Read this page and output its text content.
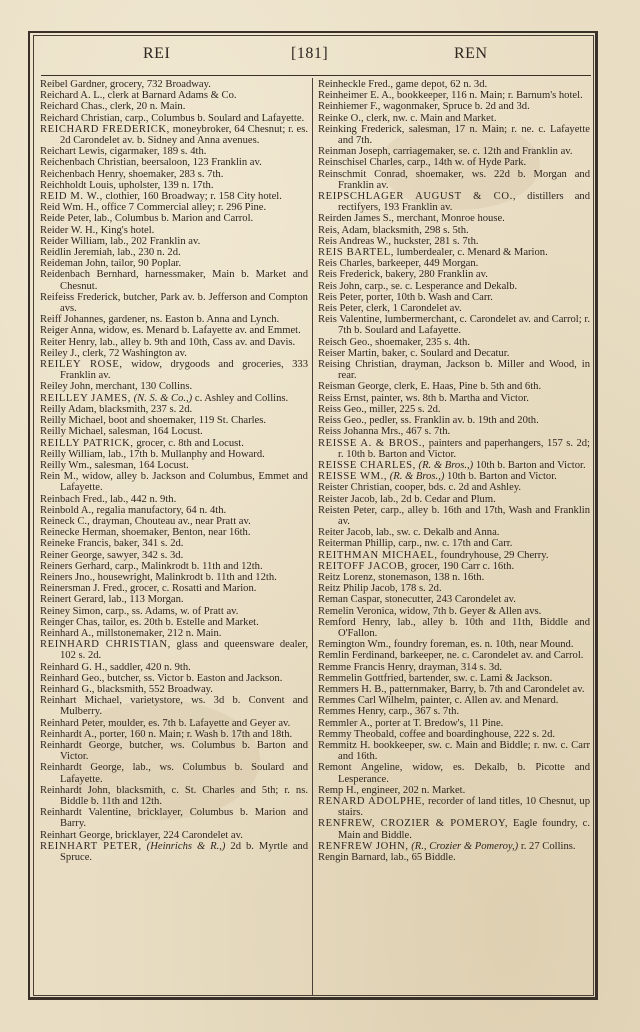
REI	[181]	REN

Reibel Gardner, grocery, 732 Broadway.

Reichard A. L., clerk at Barnard Adams & Co.

Reichard Chas., clerk, 20 n. Main.

Reichard Christian, carp., Columbus b. Soulard and Lafayette.

REICHARD FREDERICK, moneybroker, 64 Chesnut; r. es. 2d Carondelet av. b. Sidney and Anna avenues.

Reichart Lewis, cigarmaker, 189 s. 4th.

Reichenbach Christian, beersaloon, 123 Franklin av.

Reichenbach Henry, shoemaker, 283 s. 7th.

Reichholdt Louis, upholster, 139 n. 17th.

REID M. W., clothier, 160 Broadway; r. 158 City hotel.

Reid Wm. H., office 7 Commercial alley; r. 296 Pine.

Reide Peter, lab., Columbus b. Marion and Carrol.

Reider W. H., King's hotel.

Reider William, lab., 202 Franklin av.

Reidlin Jeremiah, lab., 230 n. 2d.

Reideman John, tailor, 90 Poplar.

Reidenbach Bernhard, harnessmaker, Main b. Market and Chesnut.

Reifeiss Frederick, butcher, Park av. b. Jefferson and Compton avs.

Reiff Johannes, gardener, ns. Easton b. Anna and Lynch.

Reiger Anna, widow, es. Menard b. Lafayette av. and Emmet.

Reiter Henry, lab., alley b. 9th and 10th, Cass av. and Davis.

Reiley J., clerk, 72 Washington av.

REILEY ROSE, widow, drygoods and groceries, 333 Franklin av.

Reiley John, merchant, 130 Collins.

REILLEY JAMES, (N. S. & Co.,) c. Ashley and Collins.

Reilly Adam, blacksmith, 237 s. 2d.

Reilly Michael, boot and shoemaker, 119 St. Charles.

Reilly Michael, salesman, 164 Locust.

REILLY PATRICK, grocer, c. 8th and Locust.

Reilly William, lab., 17th b. Mullanphy and Howard.

Reilly Wm., salesman, 164 Locust.

Rein M., widow, alley b. Jackson and Columbus, Emmet and Lafayette.

Reinbach Fred., lab., 442 n. 9th.

Reinbold A., regalia manufactory, 64 n. 4th.

Reineck C., drayman, Chouteau av., near Pratt av.

Reinecke Herman, shoemaker, Benton, near 16th.

Reineke Francis, baker, 341 s. 2d.

Reiner George, sawyer, 342 s. 3d.

Reiners Gerhard, carp., Malinkrodt b. 11th and 12th.

Reiners Jno., housewright, Malinkrodt b. 11th and 12th.

Reinersman J. Fred., grocer, c. Rosatti and Marion.

Reinert Gerard, lab., 113 Morgan.

Reiney Simon, carp., ss. Adams, w. of Pratt av.

Reinger Chas, tailor, es. 20th b. Estelle and Market.

Reinhard A., millstonemaker, 212 n. Main.

REINHARD CHRISTIAN, glass and queensware dealer, 102 s. 2d.

Reinhard G. H., saddler, 420 n. 9th.

Reinhard Geo., butcher, ss. Victor b. Easton and Jackson.

Reinhard G., blacksmith, 552 Broadway.

Reinhart Michael, varietystore, ws. 3d b. Convent and Mulberry.

Reinhard Peter, moulder, es. 7th b. Lafayette and Geyer av.

Reinhardt A., porter, 160 n. Main; r. Wash b. 17th and 18th.

Reinhardt George, butcher, ws. Columbus b. Barton and Victor.

Reinhardt George, lab., ws. Columbus b. Soulard and Lafayette.

Reinhardt John, blacksmith, c. St. Charles and 5th; r. ns. Biddle b. 11th and 12th.

Reinhardt Valentine, bricklayer, Columbus b. Marion and Barry.

Reinhart George, bricklayer, 224 Carondelet av.

REINHART PETER, (Heinrichs & R.,) 2d b. Myrtle and Spruce.

Reinheckle Fred., game depot, 62 n. 3d.

Reinheimer E. A., bookkeeper, 116 n. Main; r. Barnum's hotel.

Reinhiemer F., wagonmaker, Spruce b. 2d and 3d.

Reinke O., clerk, nw. c. Main and Market.

Reinking Frederick, salesman, 17 n. Main; r. ne. c. Lafayette and 7th.

Reinman Joseph, carriagemaker, se. c. 12th and Franklin av.

Reinschisel Charles, carp., 14th w. of Hyde Park.

Reinschmit Conrad, shoemaker, ws. 22d b. Morgan and Franklin av.

REIPSCHLAGER AUGUST & CO., distillers and rectifyers, 193 Franklin av.

Reirden James S., merchant, Monroe house.

Reis, Adam, blacksmith, 298 s. 5th.

Reis Andreas W., huckster, 281 s. 7th.

REIS BARTEL, lumberdealer, c. Menard & Marion.

Reis Charles, barkeeper, 449 Morgan.

Reis Frederick, bakery, 280 Franklin av.

Reis John, carp., se. c. Lesperance and Dekalb.

Reis Peter, porter, 10th b. Wash and Carr.

Reis Peter, clerk, 1 Carondelet av.

Reis Valentine, lumbermerchant, c. Carondelet av. and Carrol; r. 7th b. Soulard and Lafayette.

Reisch Geo., shoemaker, 235 s. 4th.

Reiser Martin, baker, c. Soulard and Decatur.

Reising Christian, drayman, Jackson b. Miller and Wood, in rear.

Reisman George, clerk, E. Haas, Pine b. 5th and 6th.

Reiss Ernst, painter, ws. 8th b. Martha and Victor.

Reiss Geo., miller, 225 s. 2d.

Reiss Geo., pedler, ss. Franklin av. b. 19th and 20th.

Reiss Johanna Mrs., 467 s. 7th.

REISSE A. & BROS., painters and paperhangers, 157 s. 2d; r. 10th b. Barton and Victor.

REISSE CHARLES, (R. & Bros.,) 10th b. Barton and Victor.

REISSE WM., (R. & Bros.,) 10th b. Barton and Victor.

Reister Christian, cooper, bds. c. 2d and Ashley.

Reister Jacob, lab., 2d b. Cedar and Plum.

Reisten Peter, carp., alley b. 16th and 17th, Wash and Franklin av.

Reiter Jacob, lab., sw. c. Dekalb and Anna.

Reiterman Phillip, carp., nw. c. 17th and Carr.

REITHMAN MICHAEL, foundryhouse, 29 Cherry.

REITOFF JACOB, grocer, 190 Carr c. 16th.

Reitz Lorenz, stonemason, 138 n. 16th.

Reitz Philip Jacob, 178 s. 2d.

Reman Caspar, stonecutter, 243 Carondelet av.

Remelin Veronica, widow, 7th b. Geyer & Allen avs.

Remford Henry, lab., alley b. 10th and 11th, Biddle and O'Fallon.

Remington Wm., foundry foreman, es. n. 10th, near Mound.

Remlin Ferdinand, barkeeper, ne. c. Carondelet av. and Carrol.

Remme Francis Henry, drayman, 314 s. 3d.

Remmelin Gottfried, bartender, sw. c. Lami & Jackson.

Remmers H. B., patternmaker, Barry, b. 7th and Carondelet av.

Remmes Carl Wilhelm, painter, c. Allen av. and Menard.

Remmes Henry, carp., 367 s. 7th.

Remmler A., porter at T. Bredow's, 11 Pine.

Remmy Theobald, coffee and boardinghouse, 222 s. 2d.

Remmitz H. bookkeeper, sw. c. Main and Biddle; r. nw. c. Carr and 16th.

Remont Angeline, widow, es. Dekalb, b. Picotte and Lesperance.

Remp H., engineer, 202 n. Market.

RENARD ADOLPHE, recorder of land titles, 10 Chesnut, up stairs.

RENFREW, CROZIER & POMEROY, Eagle foundry, c. Main and Biddle.

RENFREW JOHN, (R., Crozier & Pomeroy,) r. 27 Collins.

Rengin Barnard, lab., 65 Biddle.
